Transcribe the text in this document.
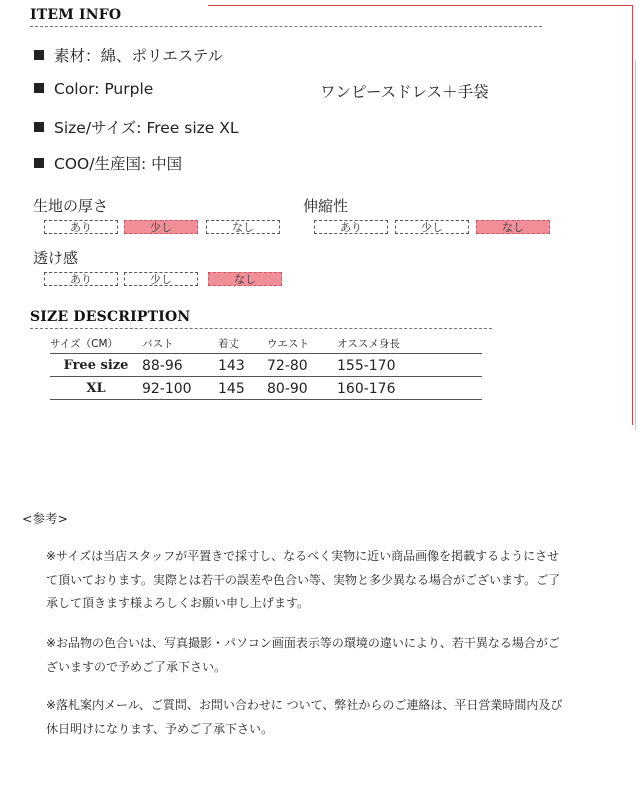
ITEM INFO
素材：綿、ポリエステル
Color: Purple	ワンピースドレス＋手袋
Size/サイズ: Free size XL
COO/生産国: 中国
生地の厚さ
あり	少し	なし
伸縮性
あり	少し	なし
透け感
あり	少し	なし
SIZE DESCRIPTION
サイズ（CM）	バスト	着丈	ウエスト	オススメ身長
Free size	88-96	143	72-80	155-170
XL	92-100	145	80-90	160-176
<参考>
※サイズは当店スタッフが平置きで採寸し、なるべく実物に近い商品画像を掲載するようにさせて頂いております。実際とは若干の誤差や色合い等、実物と多少異なる場合がございます。ご了承して頂きます様よろしくお願い申し上げます。
※お品物の色合いは、写真撮影・パソコン画面表示等の環境の違いにより、若干異なる場合がございますので予めご了承下さい。
※落札案内メール、ご質問、お問い合わせに ついて、弊社からのご連絡は、平日営業時間内及び休日明けになります、予めご了承下さい。
